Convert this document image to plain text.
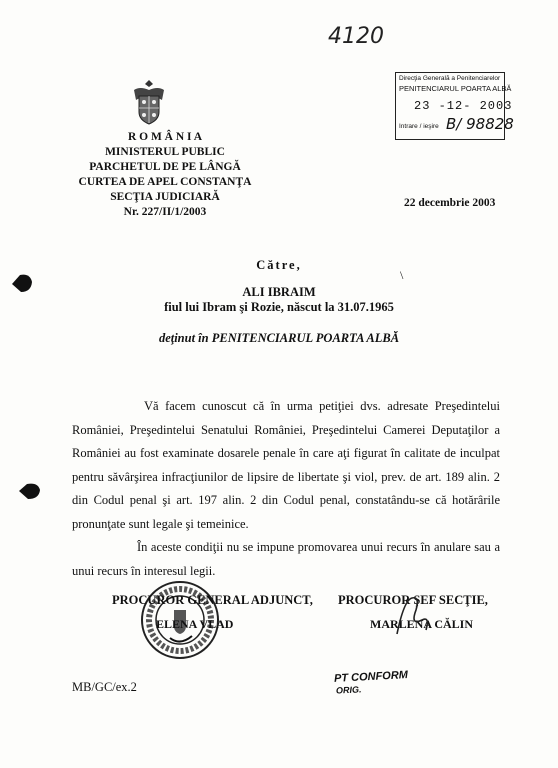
4120
Direcţia Generală a Penitenciarelor
PENITENCIARUL POARTA ALBĂ
23 -12- 2003
Intrare / ieşire B/ 98828
R O M Â N I A
MINISTERUL PUBLIC
PARCHETUL DE PE LÂNGĂ
CURTEA DE APEL CONSTANŢA
SECŢIA JUDICIARĂ
Nr. 227/II/1/2003
22 decembrie 2003
Către,
\
ALI IBRAIM
fiul lui Ibram şi Rozie, născut la 31.07.1965
deţinut în PENITENCIARUL POARTA ALBĂ

Vă facem cunoscut că în urma petiţiei dvs. adresate Preşedintelui României, Preşedintelui Senatului României, Preşedintelui Camerei Deputaţilor a României au fost examinate dosarele penale în care aţi figurat în calitate de inculpat pentru săvârşirea infracţiunilor de lipsire de libertate şi viol, prev. de art. 189 alin. 2 din Codul penal şi art. 197 alin. 2 din Codul penal, constatându-se că hotărârile pronunţate sunt legale şi temeinice.

În aceste condiţii nu se impune promovarea unui recurs în anulare sau a unui recurs în interesul legii.

PROCUROR GENERAL ADJUNCT,
ELENA VLAD
PROCUROR ŞEF SECŢIE,
MARLENA CĂLIN
MB/GC/ex.2
PT CONFORM
ORIG.
